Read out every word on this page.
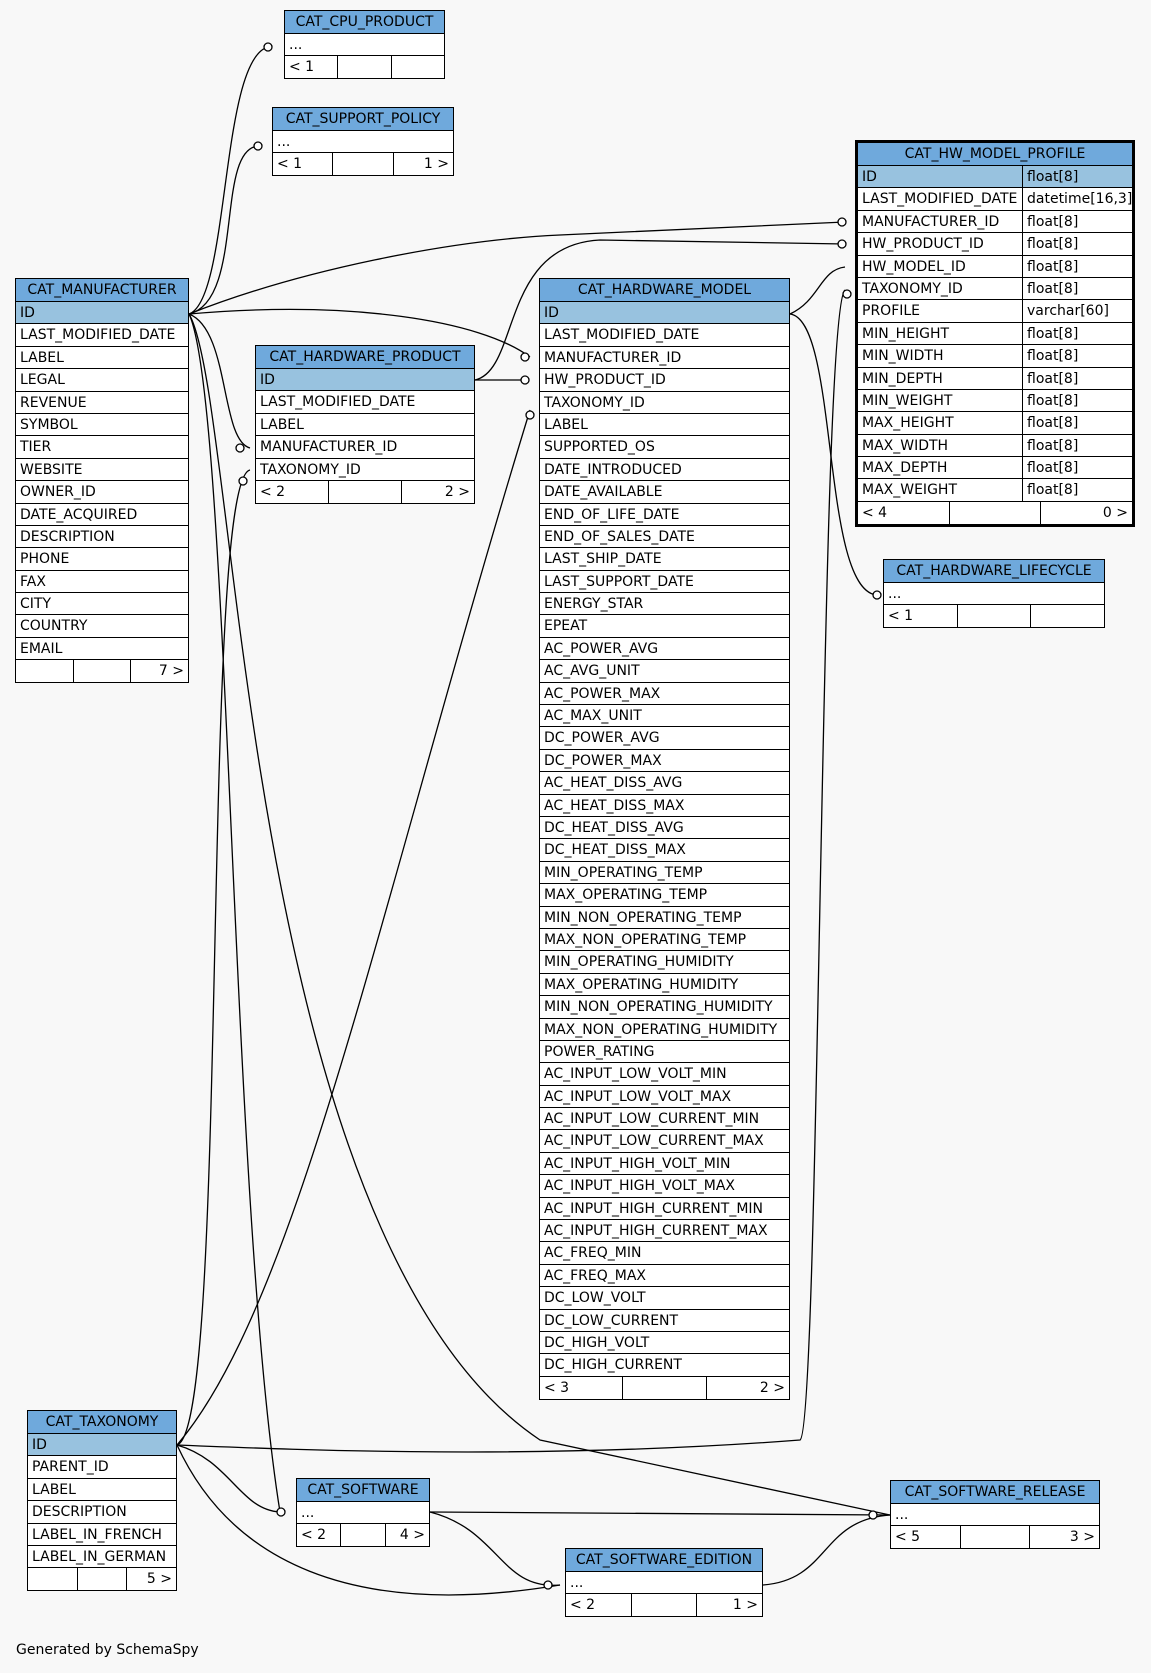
CAT_CPU_PRODUCT
...
< 1
CAT_SUPPORT_POLICY
...
< 1	1 >
CAT_MANUFACTURER
ID
LAST_MODIFIED_DATE
LABEL
LEGAL
REVENUE
SYMBOL
TIER
WEBSITE
OWNER_ID
DATE_ACQUIRED
DESCRIPTION
PHONE
FAX
CITY
COUNTRY
EMAIL
7 >
CAT_HARDWARE_PRODUCT
ID
LAST_MODIFIED_DATE
LABEL
MANUFACTURER_ID
TAXONOMY_ID
< 2	2 >
CAT_HARDWARE_MODEL
ID
LAST_MODIFIED_DATE
MANUFACTURER_ID
HW_PRODUCT_ID
TAXONOMY_ID
LABEL
SUPPORTED_OS
DATE_INTRODUCED
DATE_AVAILABLE
END_OF_LIFE_DATE
END_OF_SALES_DATE
LAST_SHIP_DATE
LAST_SUPPORT_DATE
ENERGY_STAR
EPEAT
AC_POWER_AVG
AC_AVG_UNIT
AC_POWER_MAX
AC_MAX_UNIT
DC_POWER_AVG
DC_POWER_MAX
AC_HEAT_DISS_AVG
AC_HEAT_DISS_MAX
DC_HEAT_DISS_AVG
DC_HEAT_DISS_MAX
MIN_OPERATING_TEMP
MAX_OPERATING_TEMP
MIN_NON_OPERATING_TEMP
MAX_NON_OPERATING_TEMP
MIN_OPERATING_HUMIDITY
MAX_OPERATING_HUMIDITY
MIN_NON_OPERATING_HUMIDITY
MAX_NON_OPERATING_HUMIDITY
POWER_RATING
AC_INPUT_LOW_VOLT_MIN
AC_INPUT_LOW_VOLT_MAX
AC_INPUT_LOW_CURRENT_MIN
AC_INPUT_LOW_CURRENT_MAX
AC_INPUT_HIGH_VOLT_MIN
AC_INPUT_HIGH_VOLT_MAX
AC_INPUT_HIGH_CURRENT_MIN
AC_INPUT_HIGH_CURRENT_MAX
AC_FREQ_MIN
AC_FREQ_MAX
DC_LOW_VOLT
DC_LOW_CURRENT
DC_HIGH_VOLT
DC_HIGH_CURRENT
< 3	2 >
CAT_HW_MODEL_PROFILE
ID	float[8]
LAST_MODIFIED_DATE datetime[16,3]
MANUFACTURER_ID	float[8]
HW_PRODUCT_ID	float[8]
HW_MODEL_ID	float[8]
TAXONOMY_ID	float[8]
PROFILE	varchar[60]
MIN_HEIGHT	float[8]
MIN_WIDTH	float[8]
MIN_DEPTH	float[8]
MIN_WEIGHT	float[8]
MAX_HEIGHT	float[8]
MAX_WIDTH	float[8]
MAX_DEPTH	float[8]
MAX_WEIGHT	float[8]
< 4	0 >
CAT_HARDWARE_LIFECYCLE
...
< 1
CAT_TAXONOMY
ID
PARENT_ID
LABEL
DESCRIPTION
LABEL_IN_FRENCH
LABEL_IN_GERMAN
5 >
CAT_SOFTWARE
...
< 2	4 >
CAT_SOFTWARE_RELEASE
...
< 5	3 >
CAT_SOFTWARE_EDITION
...
< 2	1 >
Generated by SchemaSpy
